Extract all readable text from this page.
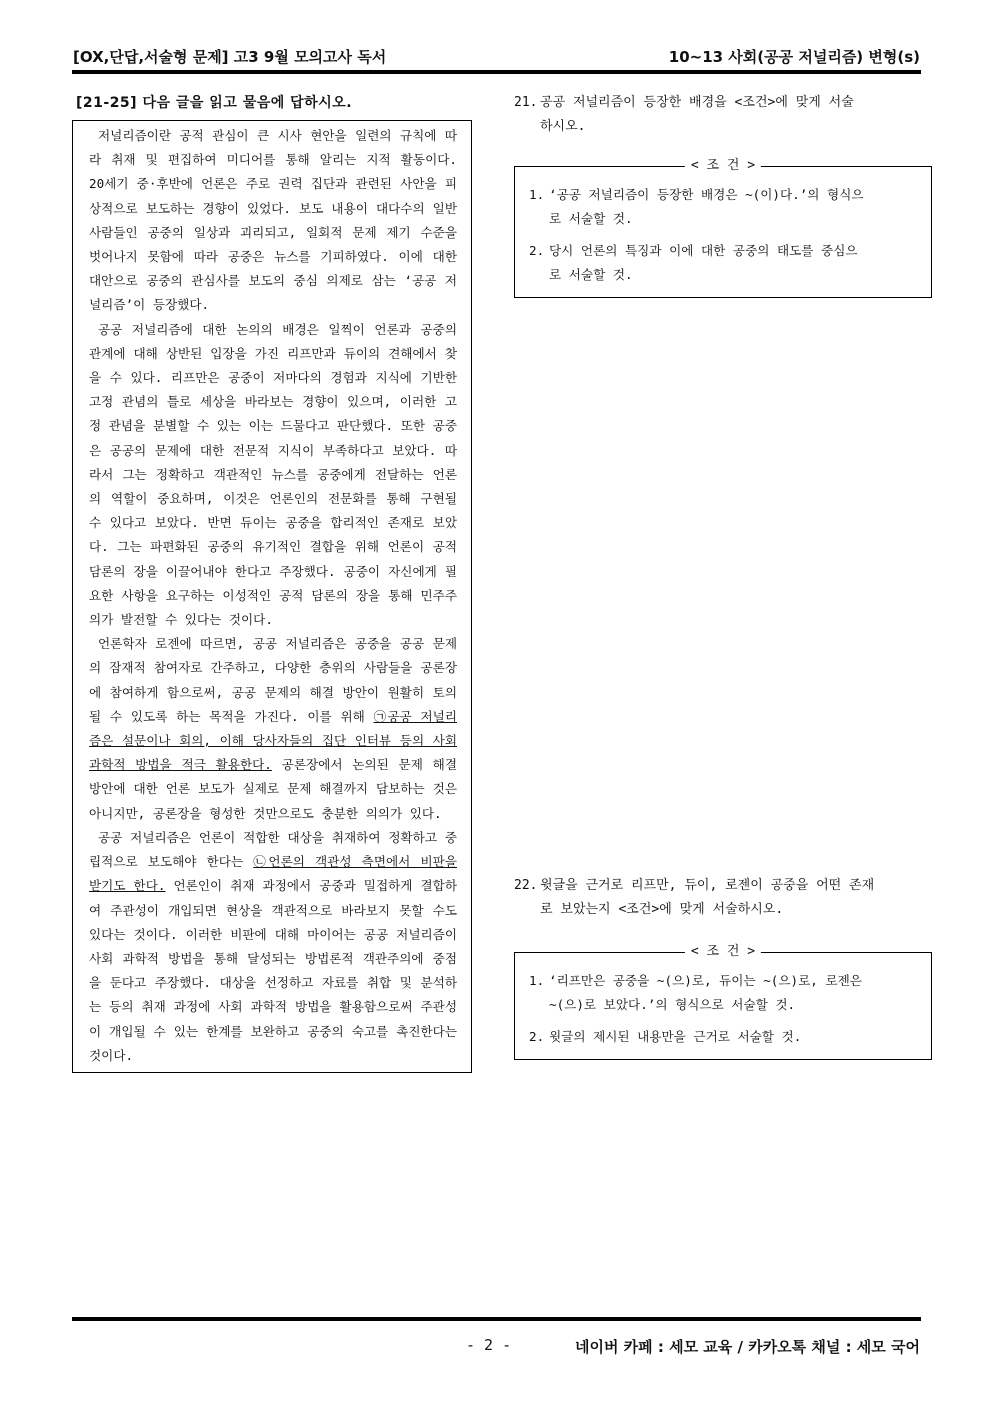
[OX,단답,서술형 문제] 고3 9월 모의고사 독서	10~13 사회(공공 저널리즘) 변형(s)
[21-25] 다음 글을 읽고 물음에 답하시오.

저널리즘이란 공적 관심이 큰 시사 현안을 일련의 규칙에 따라 취재 및 편집하여 미디어를 통해 알리는 지적 활동이다. 20세기 중·후반에 언론은 주로 권력 집단과 관련된 사안을 피상적으로 보도하는 경향이 있었다. 보도 내용이 대다수의 일반 사람들인 공중의 일상과 괴리되고, 일회적 문제 제기 수준을 벗어나지 못함에 따라 공중은 뉴스를 기피하였다. 이에 대한 대안으로 공중의 관심사를 보도의 중심 의제로 삼는 ‘공공 저널리즘’이 등장했다.

공공 저널리즘에 대한 논의의 배경은 일찍이 언론과 공중의 관계에 대해 상반된 입장을 가진 리프만과 듀이의 견해에서 찾을 수 있다. 리프만은 공중이 저마다의 경험과 지식에 기반한 고정 관념의 틀로 세상을 바라보는 경향이 있으며, 이러한 고정 관념을 분별할 수 있는 이는 드물다고 판단했다. 또한 공중은 공공의 문제에 대한 전문적 지식이 부족하다고 보았다. 따라서 그는 정확하고 객관적인 뉴스를 공중에게 전달하는 언론의 역할이 중요하며, 이것은 언론인의 전문화를 통해 구현될 수 있다고 보았다. 반면 듀이는 공중을 합리적인 존재로 보았다. 그는 파편화된 공중의 유기적인 결합을 위해 언론이 공적 담론의 장을 이끌어내야 한다고 주장했다. 공중이 자신에게 필요한 사항을 요구하는 이성적인 공적 담론의 장을 통해 민주주의가 발전할 수 있다는 것이다.

언론학자 로젠에 따르면, 공공 저널리즘은 공중을 공공 문제의 잠재적 참여자로 간주하고, 다양한 층위의 사람들을 공론장에 참여하게 함으로써, 공공 문제의 해결 방안이 원활히 토의될 수 있도록 하는 목적을 가진다. 이를 위해 ㉠공공 저널리즘은 설문이나 회의, 이해 당사자들의 집단 인터뷰 등의 사회 과학적 방법을 적극 활용한다. 공론장에서 논의된 문제 해결 방안에 대한 언론 보도가 실제로 문제 해결까지 담보하는 것은 아니지만, 공론장을 형성한 것만으로도 충분한 의의가 있다.

공공 저널리즘은 언론이 적합한 대상을 취재하여 정확하고 중립적으로 보도해야 한다는 ㉡언론의 객관성 측면에서 비판을 받기도 한다. 언론인이 취재 과정에서 공중과 밀접하게 결합하여 주관성이 개입되면 현상을 객관적으로 바라보지 못할 수도 있다는 것이다. 이러한 비판에 대해 마이어는 공공 저널리즘이 사회 과학적 방법을 통해 달성되는 방법론적 객관주의에 중점을 둔다고 주장했다. 대상을 선정하고 자료를 취합 및 분석하는 등의 취재 과정에 사회 과학적 방법을 활용함으로써 주관성이 개입될 수 있는 한계를 보완하고 공중의 숙고를 촉진한다는 것이다.

21. 공공 저널리즘이 등장한 배경을 <조건>에 맞게 서술
하시오.
< 조 건 >
1. ‘공공 저널리즘이 등장한 배경은 ~(이)다.’의 형식으
로 서술할 것.
2. 당시 언론의 특징과 이에 대한 공중의 태도를 중심으
로 서술할 것.
22. 윗글을 근거로 리프만, 듀이, 로젠이 공중을 어떤 존재
로 보았는지 <조건>에 맞게 서술하시오.
< 조 건 >
1. ‘리프만은 공중을 ~(으)로, 듀이는 ~(으)로, 로젠은
~(으)로 보았다.’의 형식으로 서술할 것.
2. 윗글의 제시된 내용만을 근거로 서술할 것.
- 2 -	네이버 카페 : 세모 교육 / 카카오톡 채널 : 세모 국어
